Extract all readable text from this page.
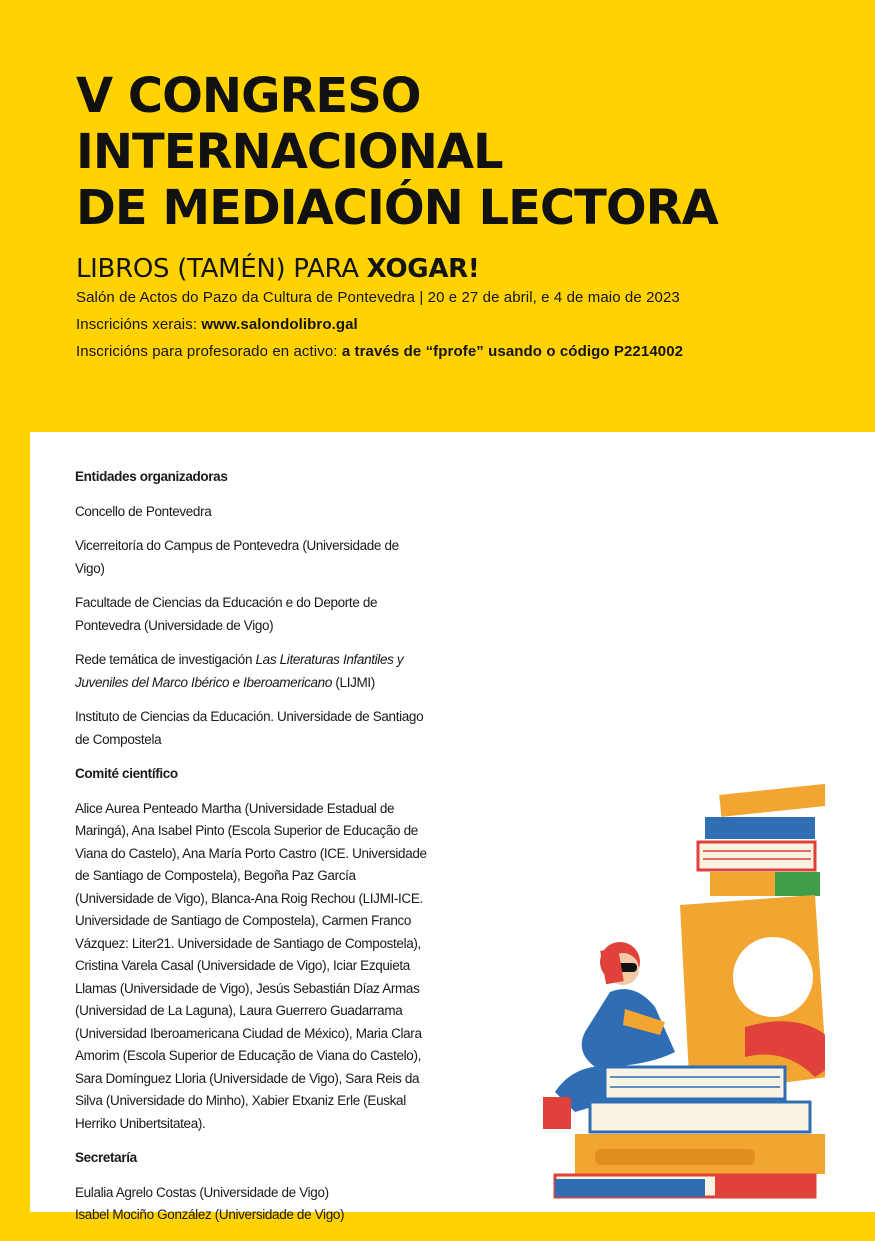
V CONGRESO INTERNACIONAL
DE MEDIACIÓN LECTORA
LIBROS (TAMÉN) PARA XOGAR!
Salón de Actos do Pazo da Cultura de Pontevedra | 20 e 27 de abril, e 4 de maio de 2023
Inscricións xerais: www.salondolibro.gal
Inscricións para profesorado en activo: a través de “fprofe” usando o código P2214002
Entidades organizadoras

Concello de Pontevedra

Vicerreitoría do Campus de Pontevedra (Universidade de Vigo)

Facultade de Ciencias da Educación e do Deporte de Pontevedra (Universidade de Vigo)

Rede temática de investigación Las Literaturas Infantiles y Juveniles del Marco Ibérico e Iberoamericano (LIJMI)

Instituto de Ciencias da Educación. Universidade de Santiago de Compostela

Comité científico

Alice Aurea Penteado Martha (Universidade Estadual de Maringá), Ana Isabel Pinto (Escola Superior de Educação de Viana do Castelo), Ana María Porto Castro (ICE. Universidade de Santiago de Compostela), Begoña Paz García (Universidade de Vigo), Blanca-Ana Roig Rechou (LIJMI-ICE. Universidade de Santiago de Compostela), Carmen Franco Vázquez: Liter21. Universidade de Santiago de Compostela), Cristina Varela Casal (Universidade de Vigo), Iciar Ezquieta Llamas (Universidade de Vigo), Jesús Sebastián Díaz Armas (Universidad de La Laguna), Laura Guerrero Guadarrama (Universidad Iberoamericana Ciudad de México), Maria Clara Amorim (Escola Superior de Educação de Viana do Castelo), Sara Domínguez Lloria (Universidade de Vigo), Sara Reis da Silva (Universidade do Minho), Xabier Etxaniz Erle (Euskal Herriko Unibertsitatea).

Secretaría

Eulalia Agrelo Costas (Universidade de Vigo)

Isabel Mociño González (Universidade de Vigo)
